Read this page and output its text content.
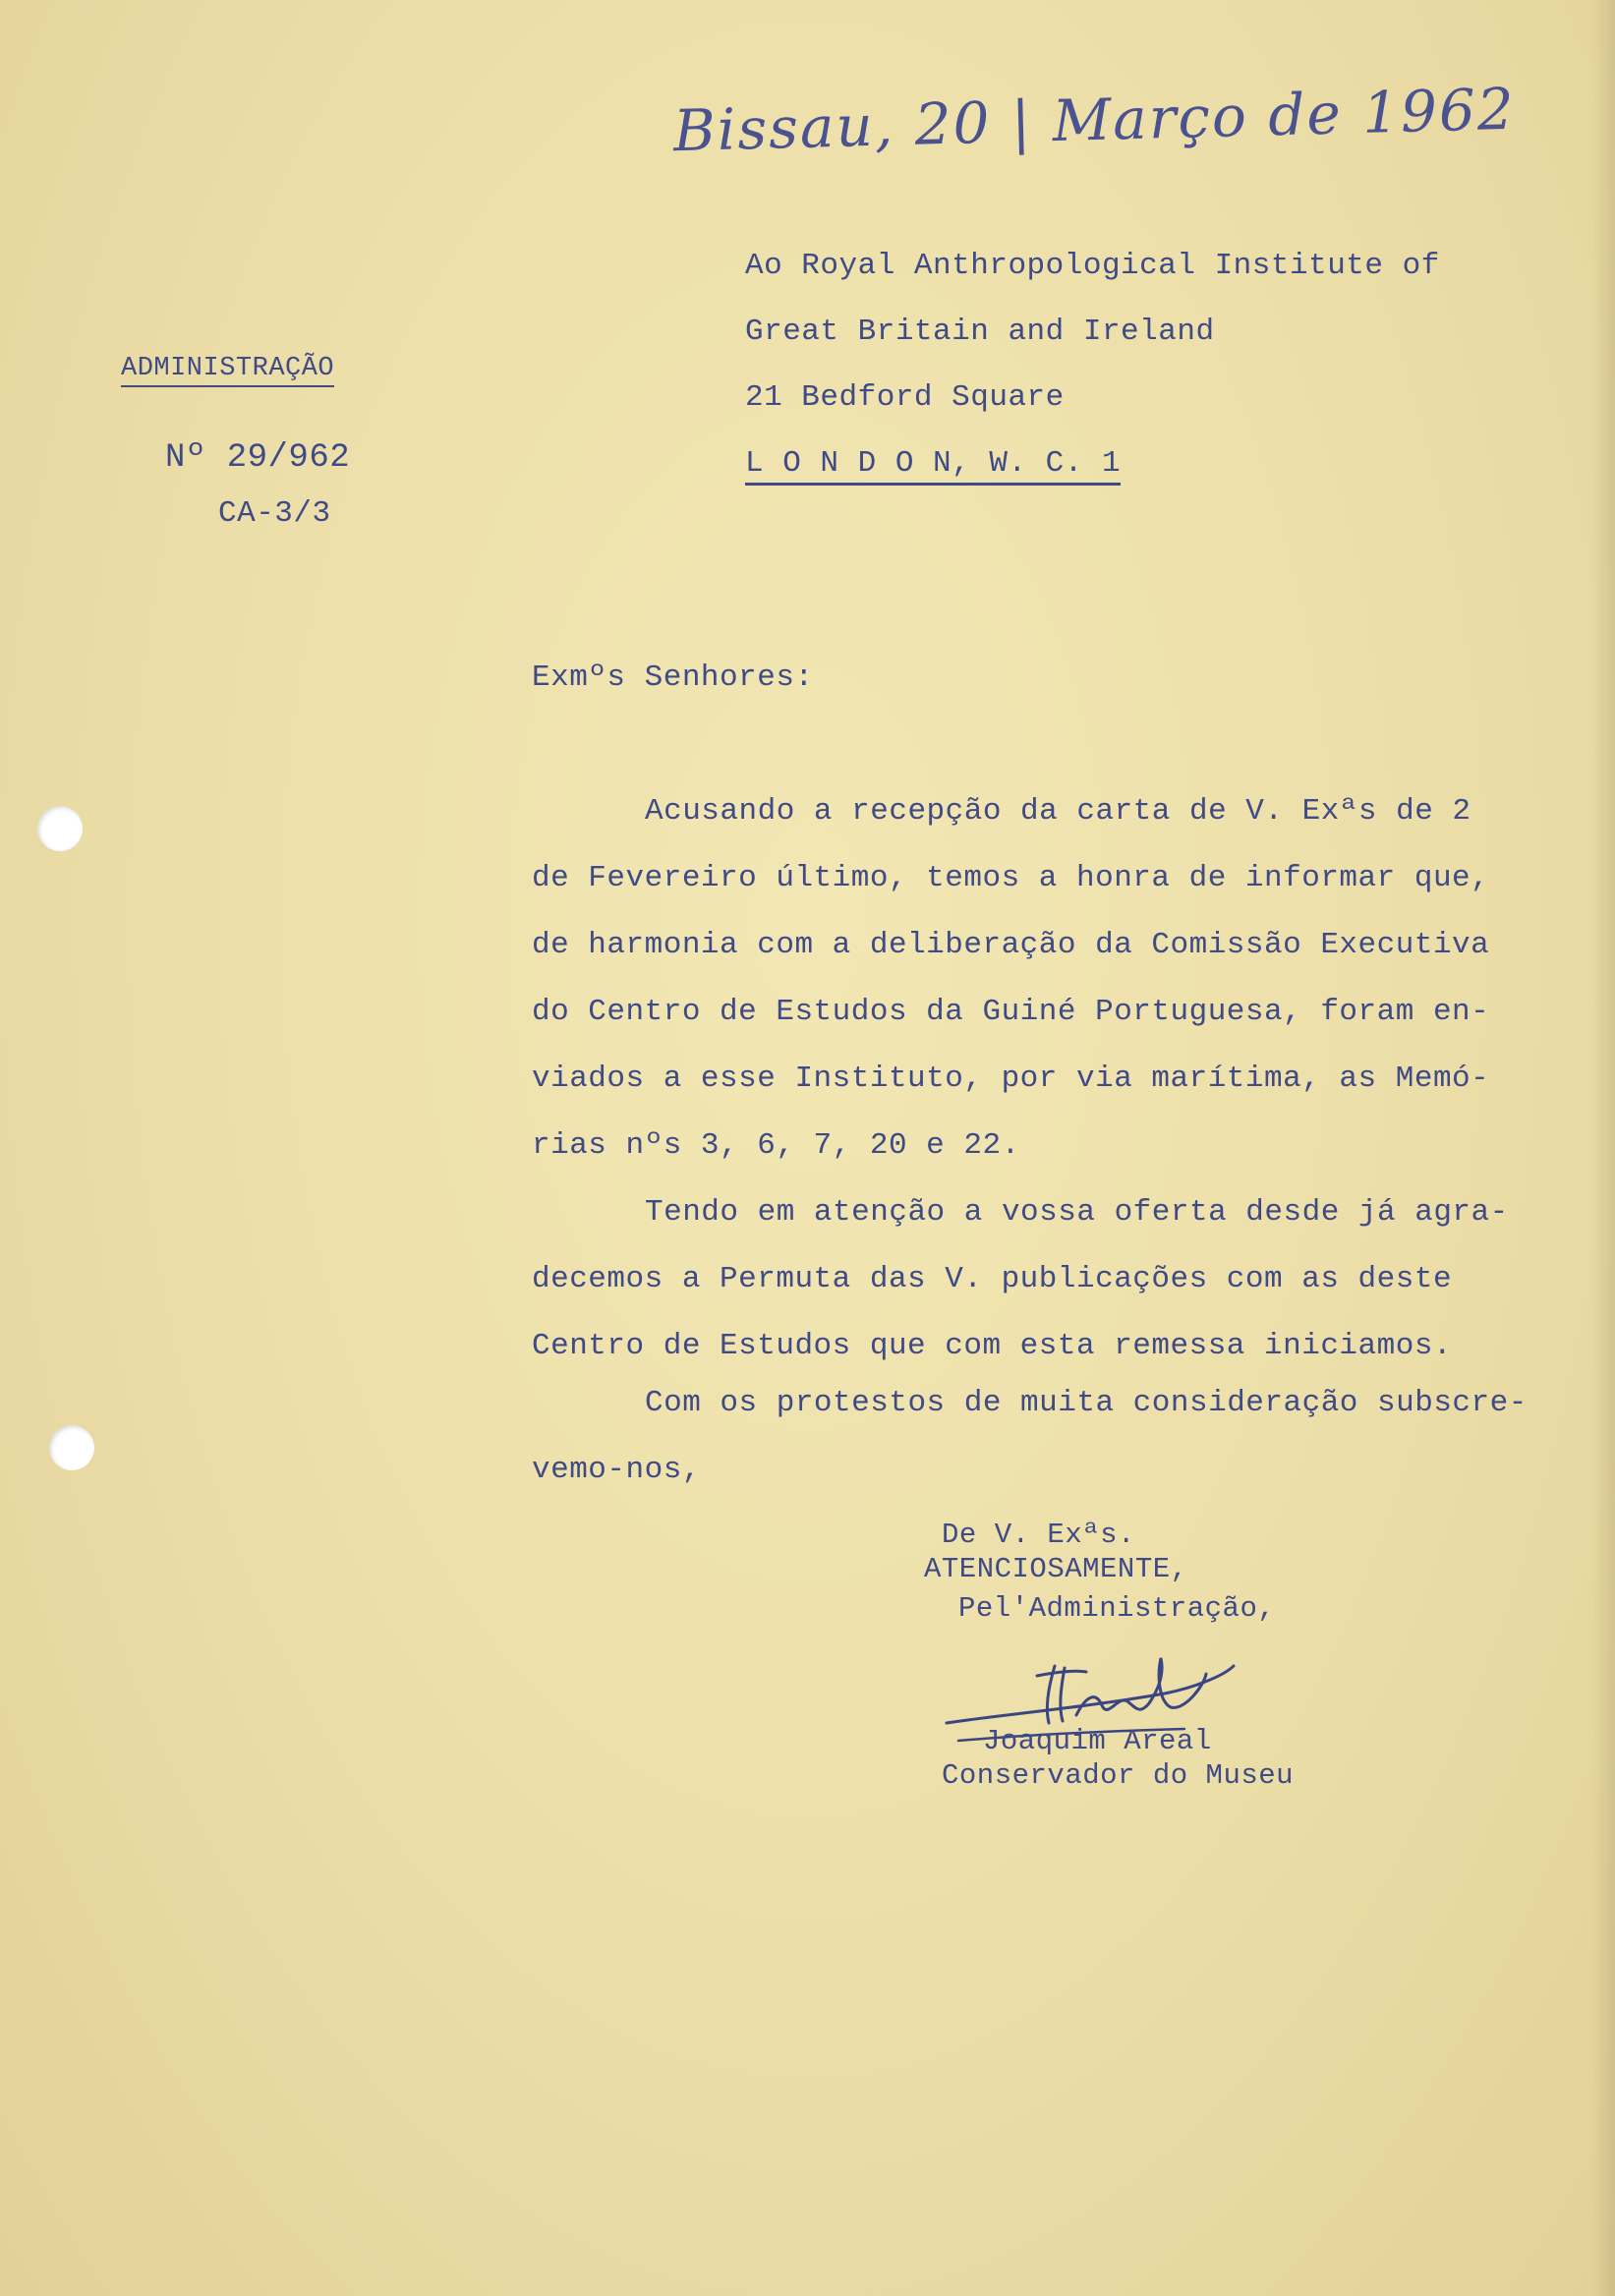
Bissau, 20 | Março de 1962
Ao Royal Anthropological Institute of
Great Britain and Ireland
21 Bedford Square
L O N D O N, W. C. 1
ADMINISTRAÇÃO
Nº 29/962
CA-3/3
Exmºs Senhores:
Acusando a recepção da carta de V. Exªs de 2
de Fevereiro último, temos a honra de informar que,
de harmonia com a deliberação da Comissão Executiva
do Centro de Estudos da Guiné Portuguesa, foram en-
viados a esse Instituto, por via marítima, as Memó-
rias nºs 3, 6, 7, 20 e 22.
Tendo em atenção a vossa oferta desde já agra-
decemos a Permuta das V. publicações com as deste
Centro de Estudos que com esta remessa iniciamos.
Com os protestos de muita consideração subscre-
vemo-nos,
De V. Exªs.
ATENCIOSAMENTE,
Pel'Administração,
Joaquim Areal
Conservador do Museu
